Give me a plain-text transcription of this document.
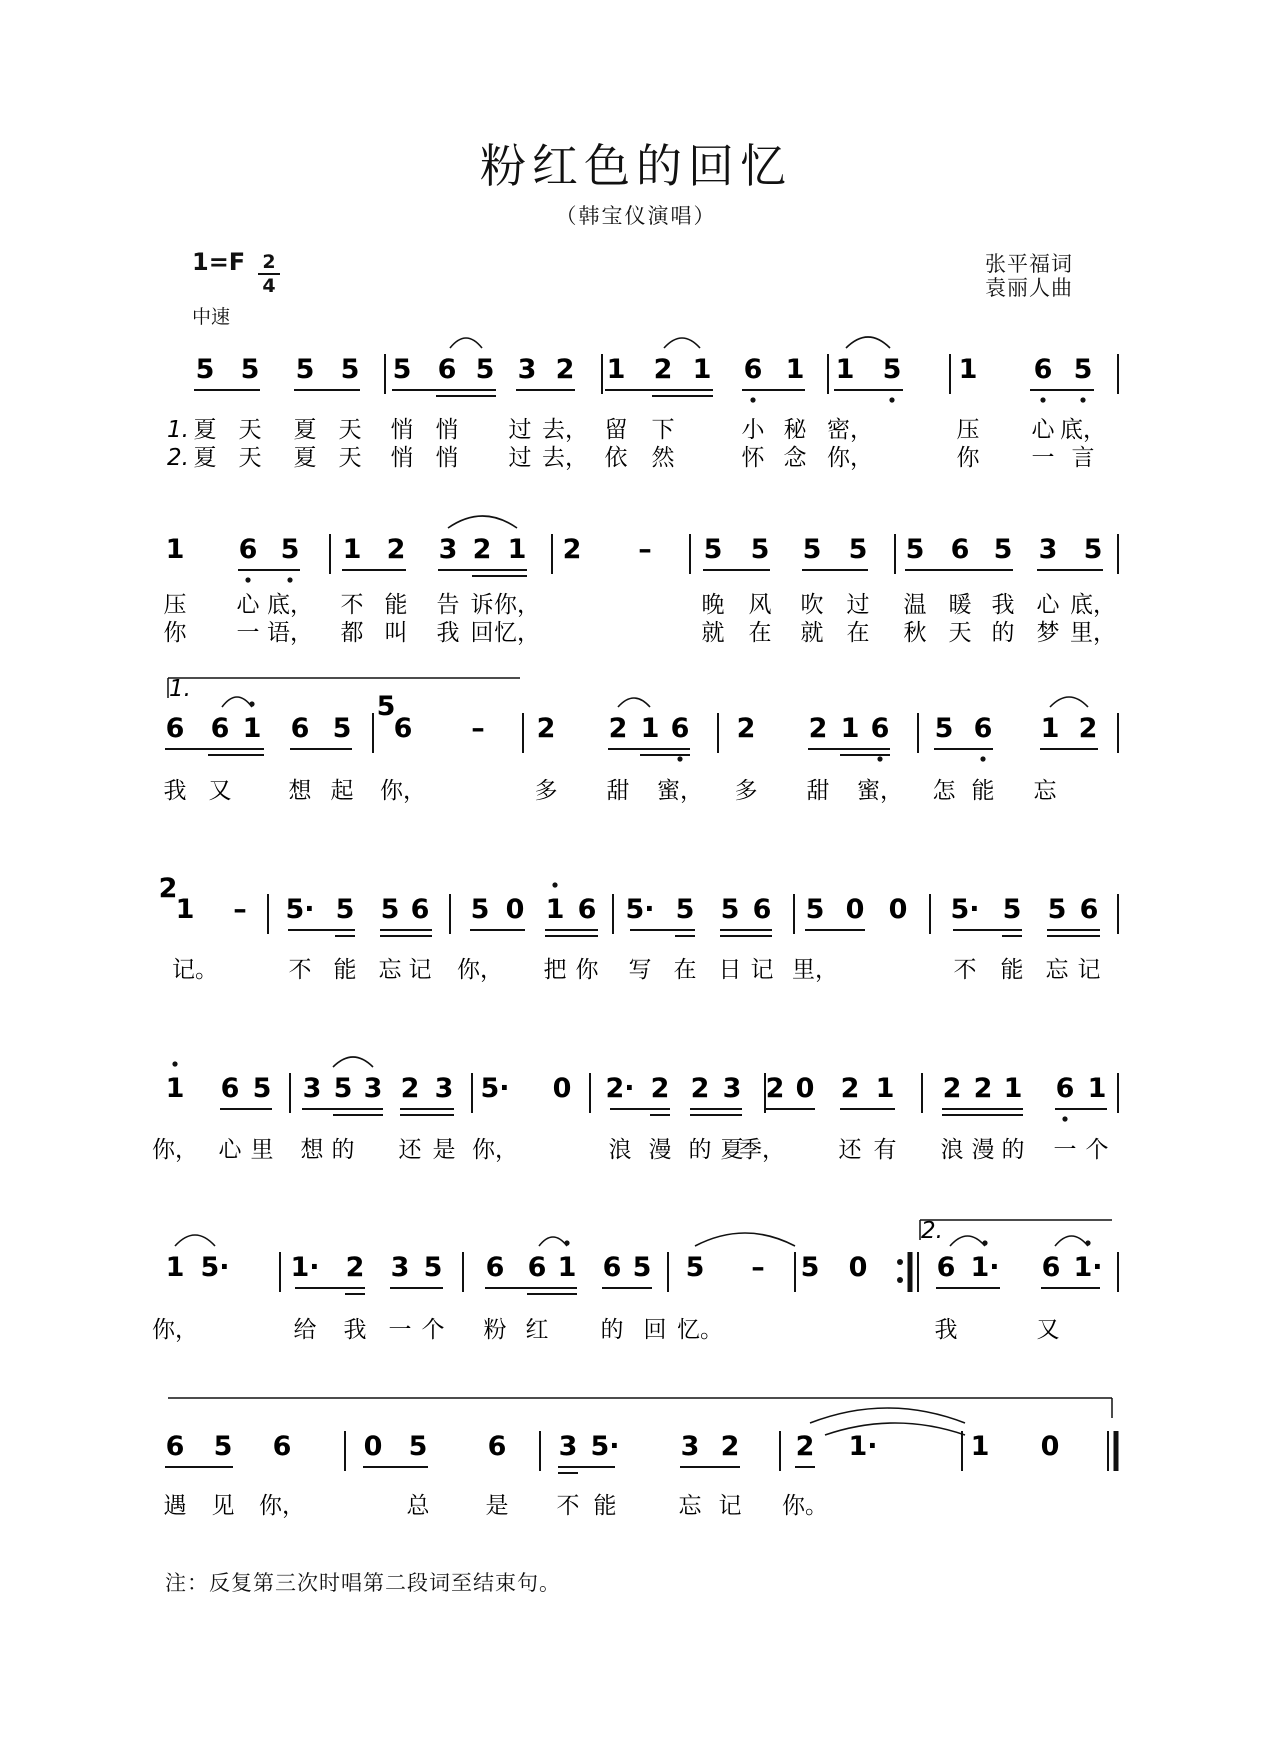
粉红色的回忆
（韩宝仪演唱）
1=F 2
4
中速
张平福词
袁丽人曲
5 5 5 5 5 6 5 3 2 1 2 1 6 1 1 5 1 6 5
1.
2.
夏 天 夏 天 悄 悄 过 去， 留 下	小 秘 密，	压 心 底，
夏 天 夏 天 悄 悄 过 去， 依 然	怀 念 你，	你 一 言
1 6 5 1 2 3 2 1 2 – 5 5 5 5 5 6 5 3 5
压 心 底， 不 能 告 诉 你，	晚 风 吹 过 温 暖 我 心 底，
你 一 语， 都 叫 我 回 忆，	就 在 就 在 秋 天 的 梦 里，
1.
5
6 6 1 6 5 6 – 2 2 1 6 2 2 1 6 5 6 1 2
我 又 想 起 你，	多 甜 蜜， 多 甜 蜜， 怎 能 忘
2
1 – 5· 5 5 6 5 0 1 6 5· 5 5 6 5 0 0 5· 5 5 6
记。	不 能 忘 记 你， 把 你 写 在 日 记 里，	不 能 忘 记
1 6 5 3 5 3 2 3 5· 0 2· 2 2 3 2 0 2 1 2 2 1 6 1
你， 心 里 想 的 还 是 你，	浪 漫 的 夏
季， 还 有 浪 漫 的 一 个
1 5· 1· 2 3 5 6 6 1 6 5 5 – 5 0	6 1· 6 1·
你，	给 我 一 个 粉 红 的 回 忆。	我	又
2.
6 5 6	0 5 6 3 5· 3 2 2 1·	1 0
遇 见 你，	总 是 不 能	忘 记 你。
注：反复第三次时唱第二段词至结束句。
